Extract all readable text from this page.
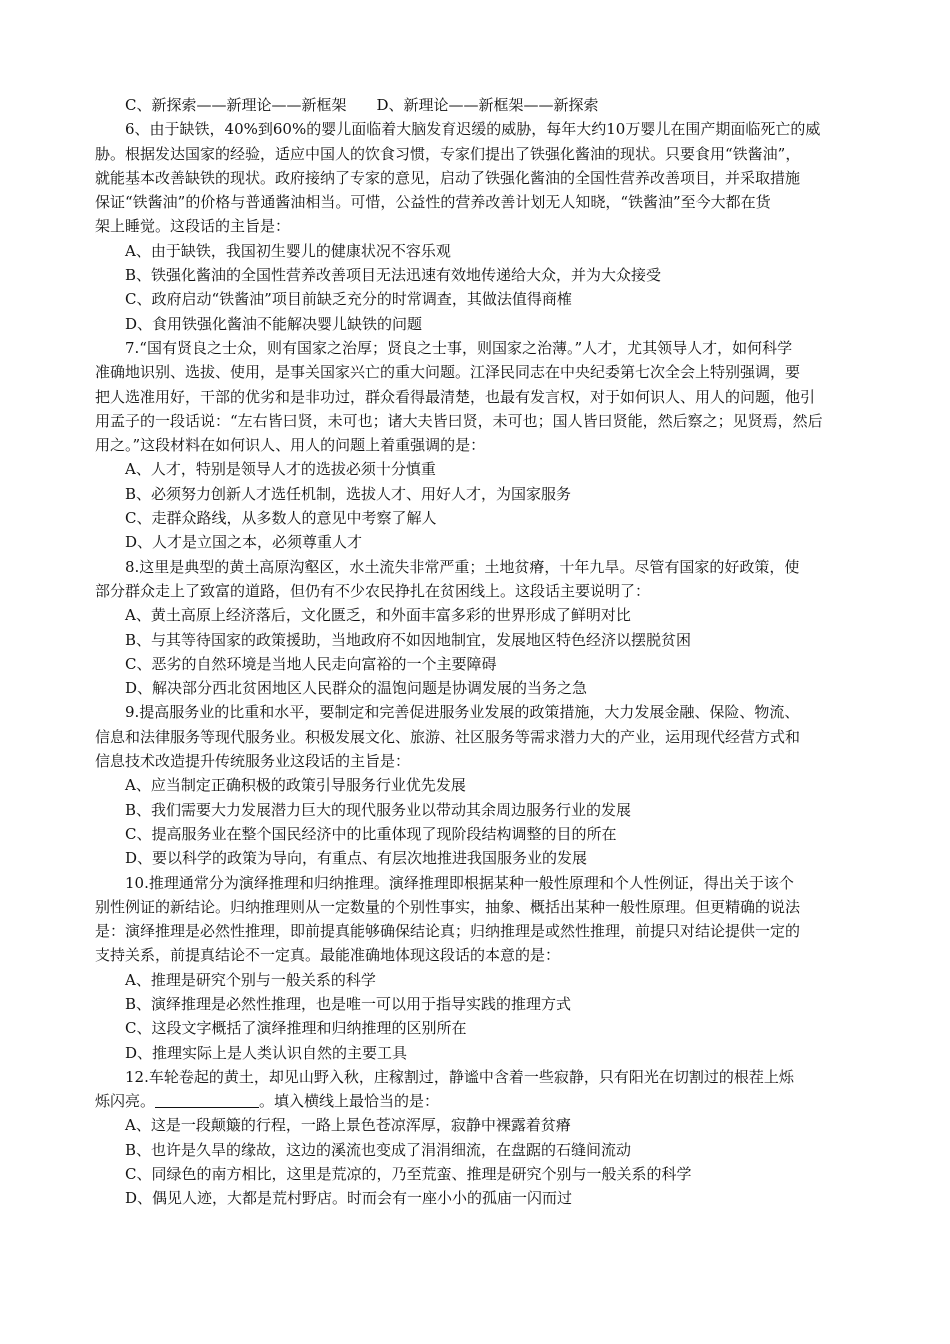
C、新探索——新理论——新框架 D、新理论——新框架——新探索
6、由于缺铁，40%到60%的婴儿面临着大脑发育迟缓的威胁，每年大约10万婴儿在围产期面临死亡的威
胁。根据发达国家的经验，适应中国人的饮食习惯，专家们提出了铁强化酱油的现状。只要食用“铁酱油”，
就能基本改善缺铁的现状。政府接纳了专家的意见，启动了铁强化酱油的全国性营养改善项目，并采取措施
保证“铁酱油”的价格与普通酱油相当。可惜，公益性的营养改善计划无人知晓，“铁酱油”至今大都在货
架上睡觉。这段话的主旨是：
A、由于缺铁，我国初生婴儿的健康状况不容乐观
B、铁强化酱油的全国性营养改善项目无法迅速有效地传递给大众，并为大众接受
C、政府启动“铁酱油”项目前缺乏充分的时常调查，其做法值得商榷
D、食用铁强化酱油不能解决婴儿缺铁的问题
7.“国有贤良之士众，则有国家之治厚；贤良之士事，则国家之治薄。”人才，尤其领导人才，如何科学
准确地识别、选拔、使用，是事关国家兴亡的重大问题。江泽民同志在中央纪委第七次全会上特别强调，要
把人选准用好，干部的优劣和是非功过，群众看得最清楚，也最有发言权，对于如何识人、用人的问题，他引
用孟子的一段话说：“左右皆曰贤，未可也；诸大夫皆曰贤，未可也；国人皆曰贤能，然后察之；见贤焉，然后
用之。”这段材料在如何识人、用人的问题上着重强调的是：
A、人才，特别是领导人才的选拔必须十分慎重
B、必须努力创新人才选任机制，选拔人才、用好人才，为国家服务
C、走群众路线，从多数人的意见中考察了解人
D、人才是立国之本，必须尊重人才
8.这里是典型的黄土高原沟壑区，水土流失非常严重；土地贫瘠，十年九旱。尽管有国家的好政策，使
部分群众走上了致富的道路，但仍有不少农民挣扎在贫困线上。这段话主要说明了：
A、黄土高原上经济落后，文化匮乏，和外面丰富多彩的世界形成了鲜明对比
B、与其等待国家的政策援助，当地政府不如因地制宜，发展地区特色经济以摆脱贫困
C、恶劣的自然环境是当地人民走向富裕的一个主要障碍
D、解决部分西北贫困地区人民群众的温饱问题是协调发展的当务之急
9.提高服务业的比重和水平，要制定和完善促进服务业发展的政策措施，大力发展金融、保险、物流、
信息和法律服务等现代服务业。积极发展文化、旅游、社区服务等需求潜力大的产业，运用现代经营方式和
信息技术改造提升传统服务业这段话的主旨是：
A、应当制定正确积极的政策引导服务行业优先发展
B、我们需要大力发展潜力巨大的现代服务业以带动其余周边服务行业的发展
C、提高服务业在整个国民经济中的比重体现了现阶段结构调整的目的所在
D、要以科学的政策为导向，有重点、有层次地推进我国服务业的发展
10.推理通常分为演绎推理和归纳推理。演绎推理即根据某种一般性原理和个人性例证，得出关于该个
别性例证的新结论。归纳推理则从一定数量的个别性事实，抽象、概括出某种一般性原理。但更精确的说法
是：演绎推理是必然性推理，即前提真能够确保结论真；归纳推理是或然性推理，前提只对结论提供一定的
支持关系，前提真结论不一定真。最能准确地体现这段话的本意的是：
A、推理是研究个别与一般关系的科学
B、演绎推理是必然性推理，也是唯一可以用于指导实践的推理方式
C、这段文字概括了演绎推理和归纳推理的区别所在
D、推理实际上是人类认识自然的主要工具
12.车轮卷起的黄土，却见山野入秋，庄稼割过，静谧中含着一些寂静，只有阳光在切割过的根茬上烁
烁闪亮。	。填入横线上最恰当的是：
A、这是一段颠簸的行程，一路上景色苍凉浑厚，寂静中裸露着贫瘠
B、也许是久旱的缘故，这边的溪流也变成了涓涓细流，在盘踞的石缝间流动
C、同绿色的南方相比，这里是荒凉的，乃至荒蛮、推理是研究个别与一般关系的科学
D、偶见人迹，大都是荒村野店。时而会有一座小小的孤庙一闪而过
